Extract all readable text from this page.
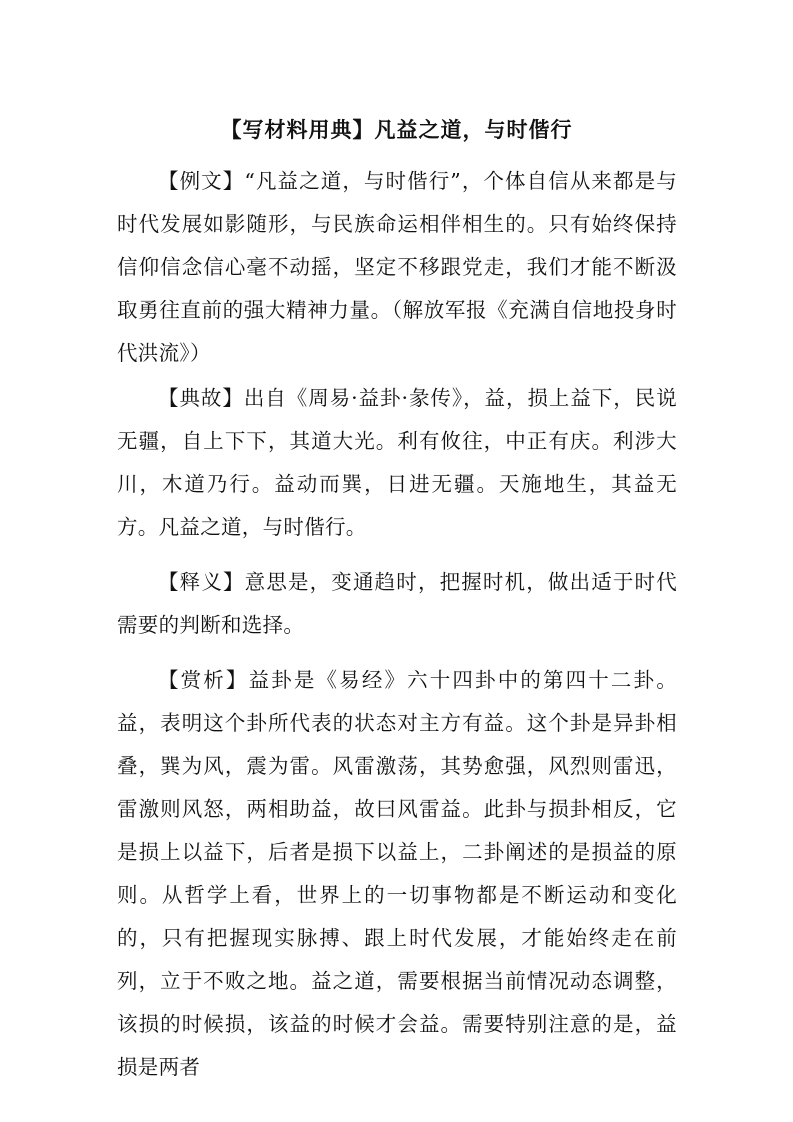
【写材料用典】凡益之道，与时偕行

【例文】“凡益之道，与时偕行”，个体自信从来都是与时代发展如影随形，与民族命运相伴相生的。只有始终保持信仰信念信心毫不动摇，坚定不移跟党走，我们才能不断汲取勇往直前的强大精神力量。（解放军报《充满自信地投身时代洪流》）

【典故】出自《周易·益卦·彖传》，益，损上益下，民说无疆，自上下下，其道大光。利有攸往，中正有庆。利涉大川，木道乃行。益动而巽，日进无疆。天施地生，其益无方。凡益之道，与时偕行。

【释义】意思是，变通趋时，把握时机，做出适于时代需要的判断和选择。

【赏析】益卦是《易经》六十四卦中的第四十二卦。益，表明这个卦所代表的状态对主方有益。这个卦是异卦相叠，巽为风，震为雷。风雷激荡，其势愈强，风烈则雷迅，雷激则风怒，两相助益，故曰风雷益。此卦与损卦相反，它是损上以益下，后者是损下以益上，二卦阐述的是损益的原则。从哲学上看，世界上的一切事物都是不断运动和变化的，只有把握现实脉搏、跟上时代发展，才能始终走在前列，立于不败之地。益之道，需要根据当前情况动态调整，该损的时候损，该益的时候才会益。需要特别注意的是，益损是两者
